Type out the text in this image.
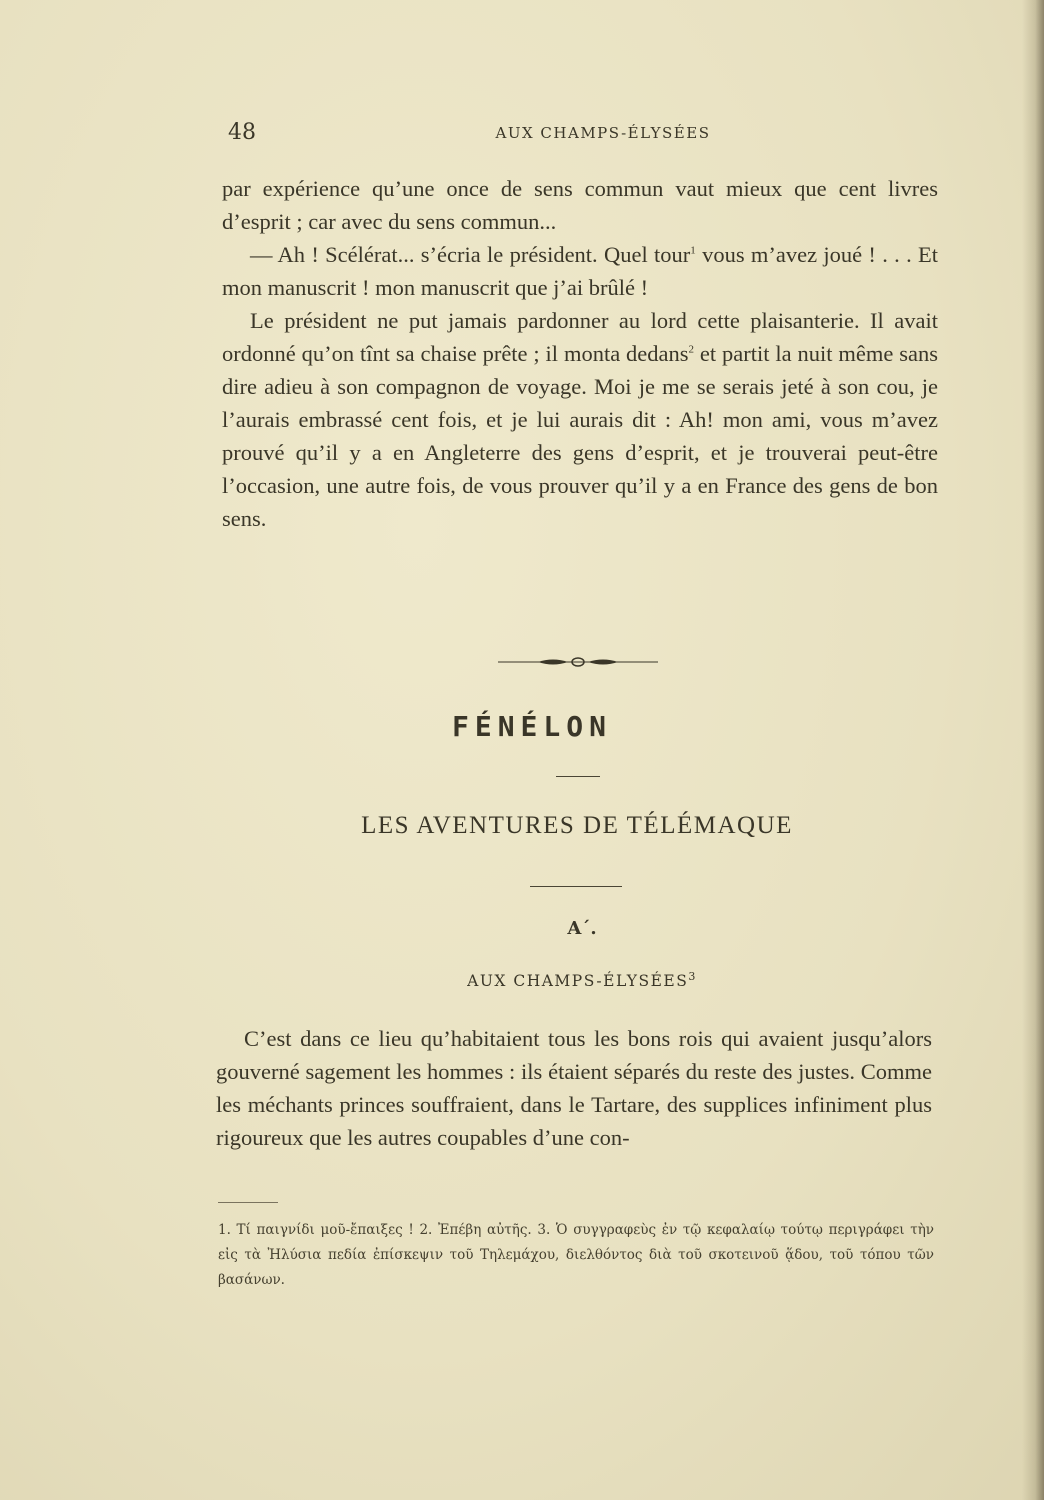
48	AUX CHAMPS-ÉLYSÉES

par expérience qu’une once de sens commun vaut mieux que cent livres d’esprit ; car avec du sens commun...

— Ah ! Scélérat... s’écria le président. Quel tour$^1$ vous m’avez joué ! . . . Et mon manuscrit ! mon manuscrit que j’ai brûlé !

Le président ne put jamais pardonner au lord cette plaisanterie. Il avait ordonné qu’on tînt sa chaise prête ; il monta dedans$^2$ et partit la nuit même sans dire adieu à son compagnon de voyage. Moi je me se serais jeté à son cou, je l’aurais embrassé cent fois, et je lui aurais dit : Ah! mon ami, vous m’avez prouvé qu’il y a en Angleterre des gens d’esprit, et je trouverai peut-être l’occasion, une autre fois, de vous prouver qu’il y a en France des gens de bon sens.

FÉNÉLON
LES AVENTURES DE TÉLÉMAQUE
A΄.
AUX CHAMPS-ÉLYSÉES$^3$

C’est dans ce lieu qu’habitaient tous les bons rois qui avaient jusqu’alors gouverné sagement les hommes : ils étaient séparés du reste des justes. Comme les méchants princes souffraient, dans le Tartare, des supplices infiniment plus rigoureux que les autres coupables d’une con-

1. Τί παιγνίδι μοῦ-ἔπαιξες ! 2. Ἐπέβη αὐτῆς. 3. Ὁ συγγραφεὺς ἐν τῷ κεφαλαίῳ τούτῳ περιγράφει τὴν εἰς τὰ Ἠλύσια πεδία ἐπίσκεψιν τοῦ Τηλεμάχου, διελθόντος διὰ τοῦ σκοτεινοῦ ᾅδου, τοῦ τόπου τῶν βασάνων.
